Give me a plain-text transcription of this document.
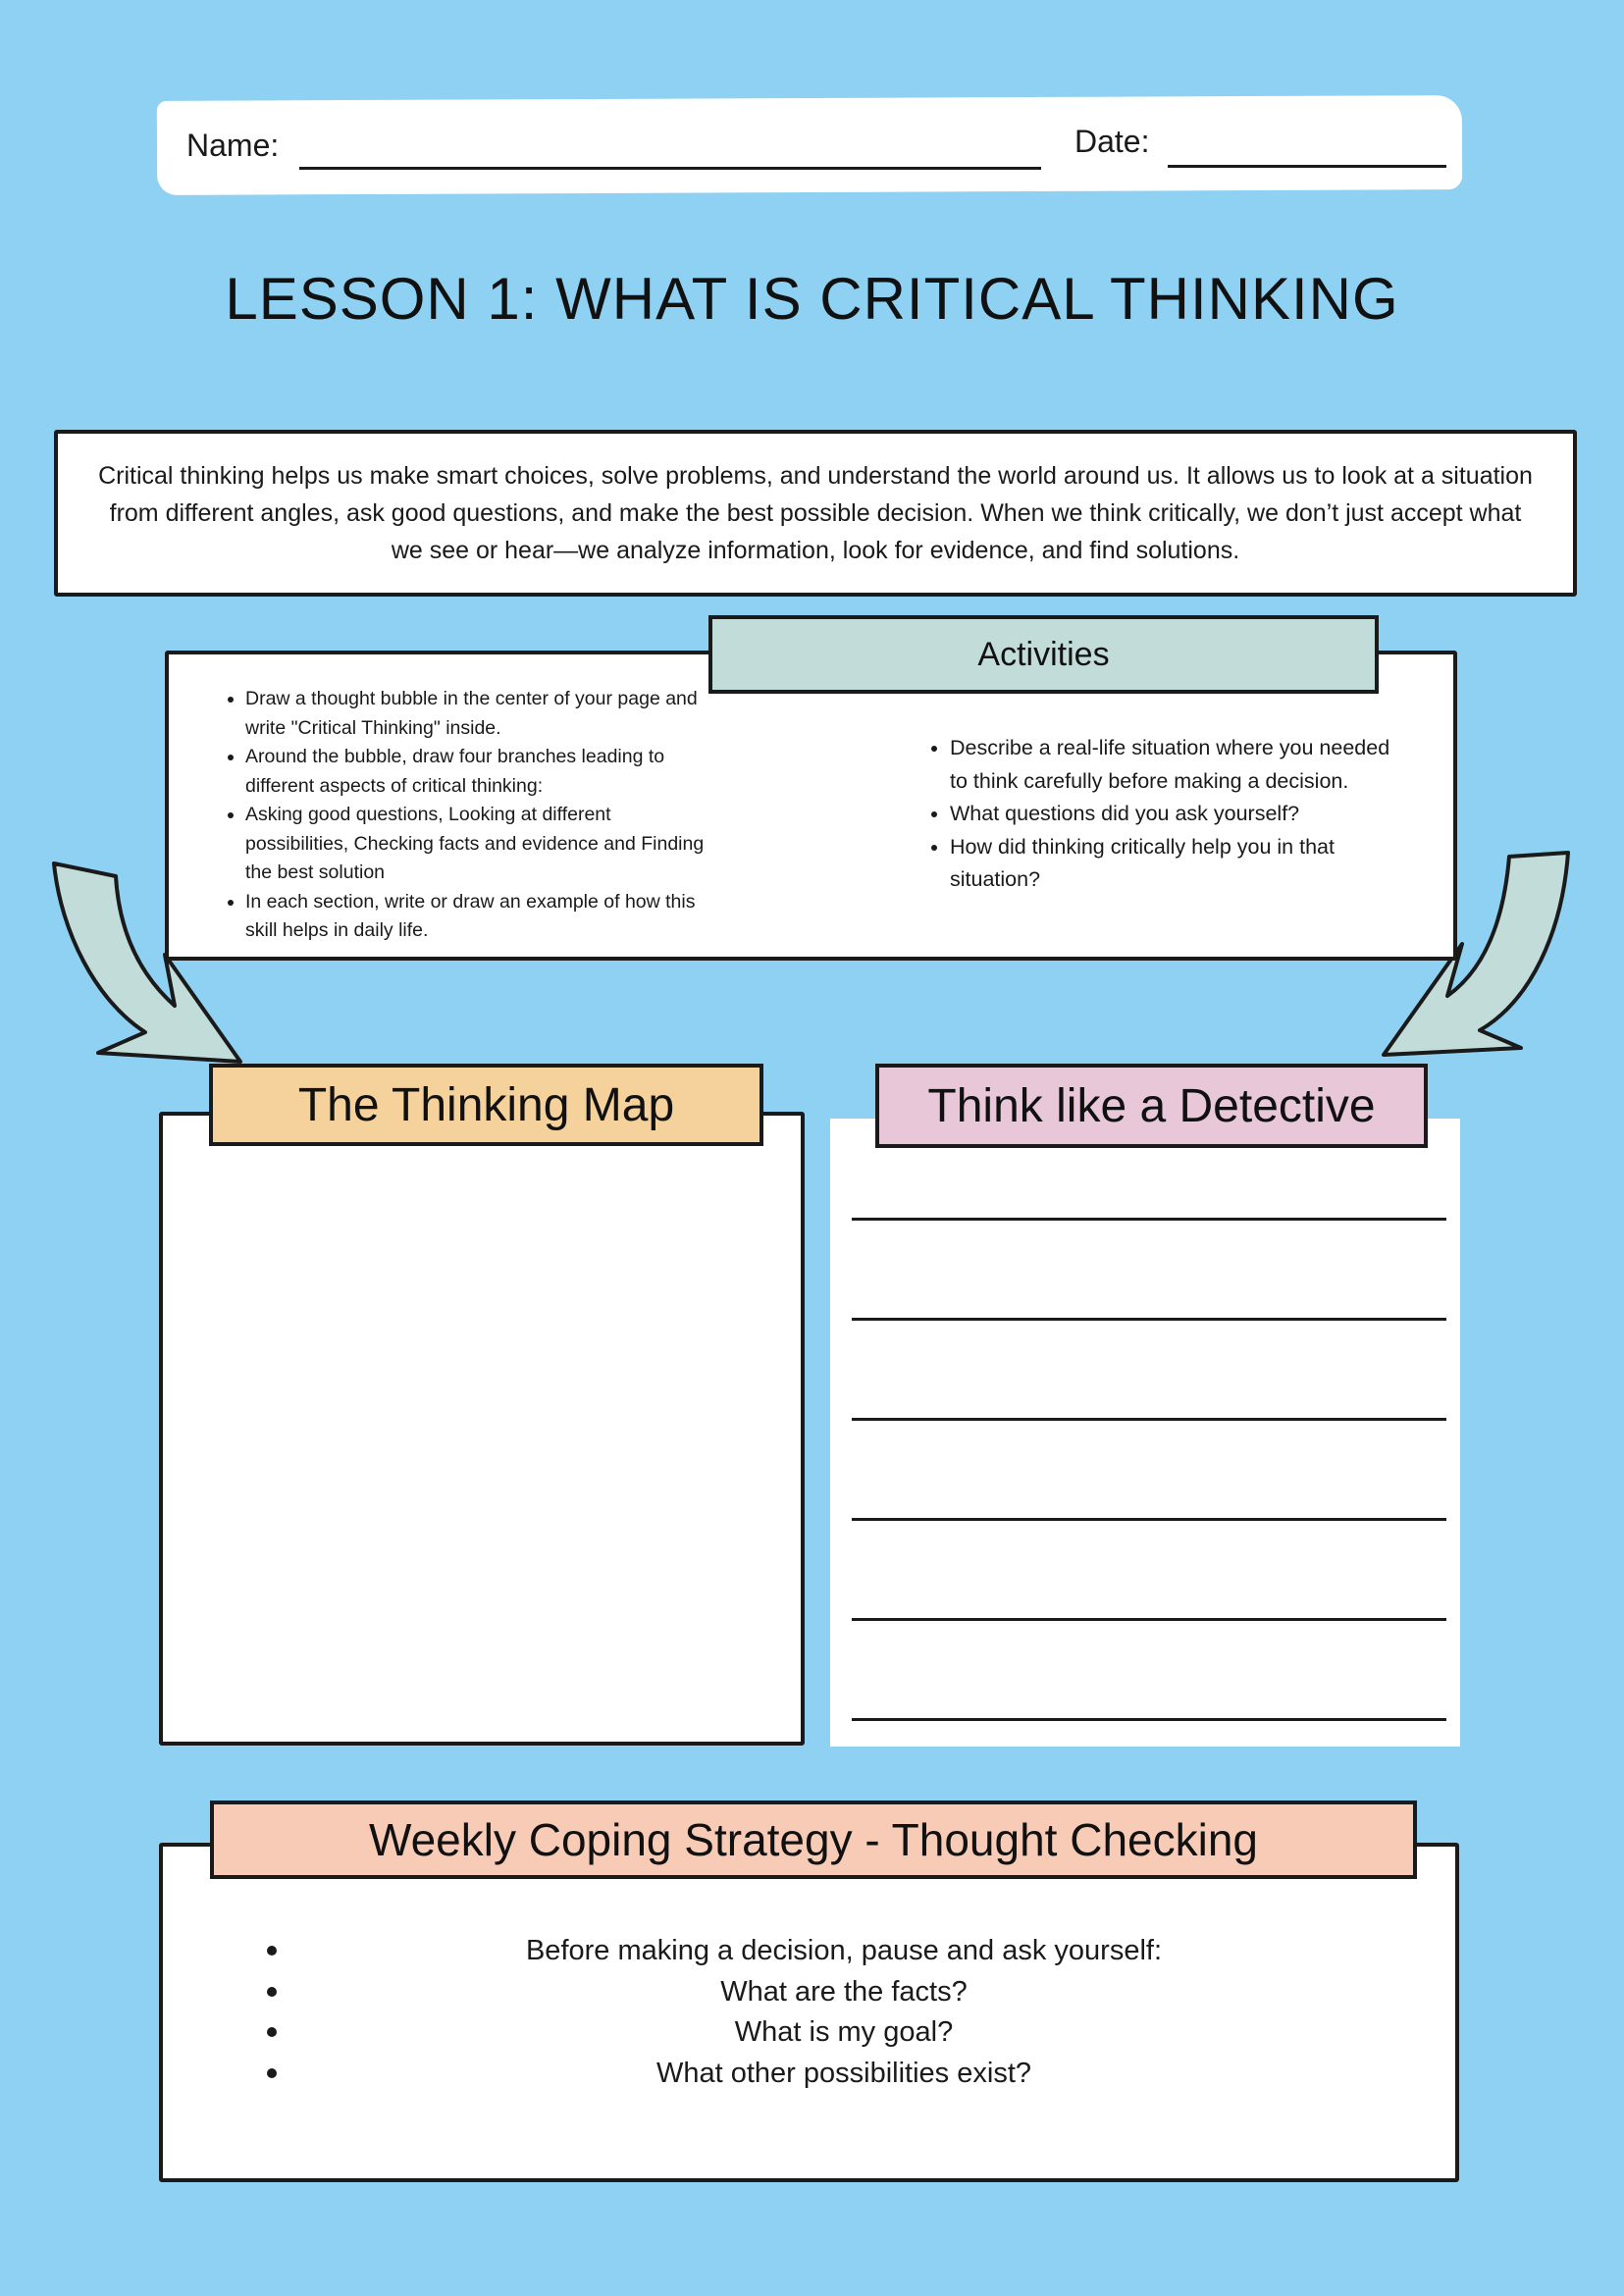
Name:	Date:
LESSON 1: WHAT IS CRITICAL THINKING
Critical thinking helps us make smart choices, solve problems, and understand the world around us. It allows us to look at a situation from different angles, ask good questions, and make the best possible decision. When we think critically, we don’t just accept what we see or hear—we analyze information, look for evidence, and find solutions.
Activities
• Draw a thought bubble in the center of your page and write "Critical Thinking" inside.
• Around the bubble, draw four branches leading to different aspects of critical thinking:
• Asking good questions, Looking at different possibilities, Checking facts and evidence and Finding the best solution
• In each section, write or draw an example of how this skill helps in daily life.
• Describe a real-life situation where you needed to think carefully before making a decision.
• What questions did you ask yourself?
• How did thinking critically help you in that situation?
The Thinking Map	Think like a Detective
Weekly Coping Strategy - Thought Checking
Before making a decision, pause and ask yourself:
What are the facts?
What is my goal?
What other possibilities exist?
